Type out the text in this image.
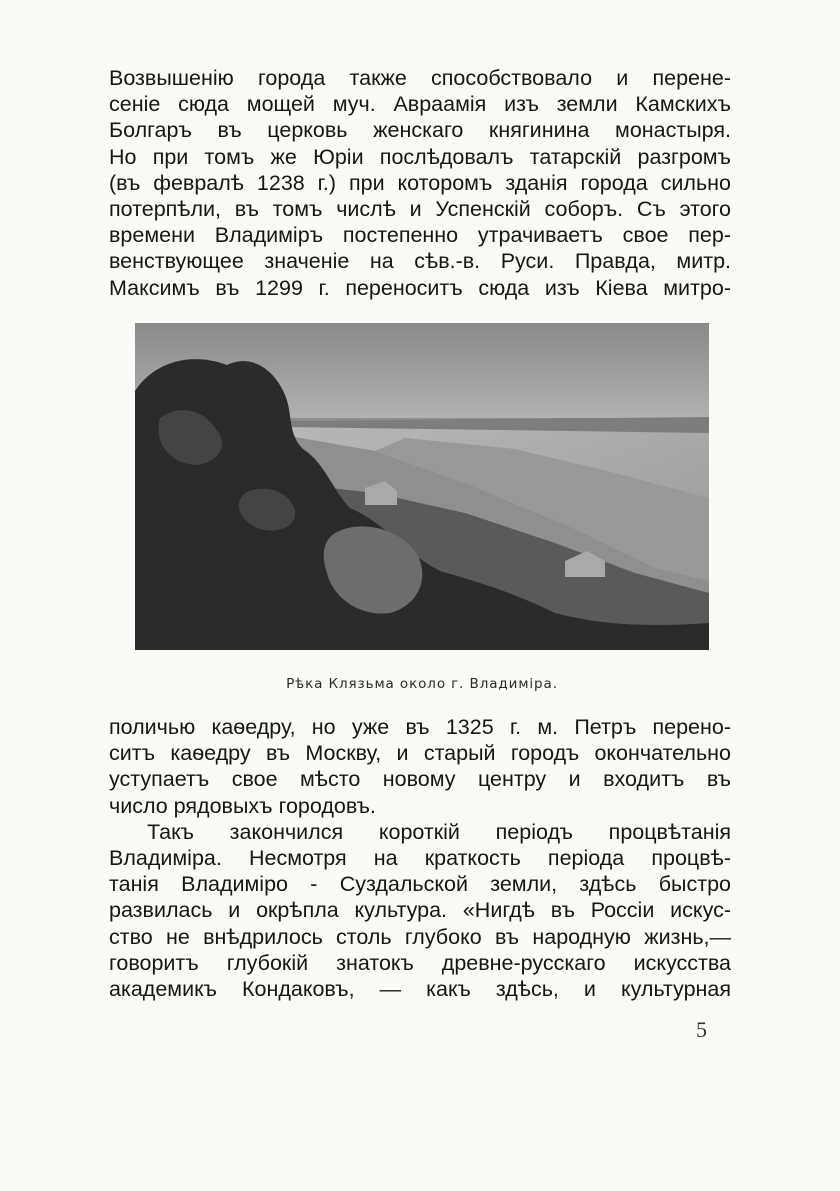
Возвышенію города также способствовало и перене-
сеніе сюда мощей муч. Авраамія изъ земли Камскихъ
Болгаръ въ церковь женскаго княгинина монастыря.
Но при томъ же Юріи послѣдовалъ татарскій разгромъ
(въ февралѣ 1238 г.) при которомъ зданія города сильно
потерпѣли, въ томъ числѣ и Успенскій соборъ. Съ этого
времени Владиміръ постепенно утрачиваетъ свое пер-
венствующее значеніе на сѣв.-в. Руси. Правда, митр.
Максимъ въ 1299 г. переноситъ сюда изъ Кіева митро-
Рѣка Клязьма около г. Владиміра.
поличью каѳедру, но уже въ 1325 г. м. Петръ перено-
ситъ каѳедру въ Москву, и старый городъ окончательно
уступаетъ свое мѣсто новому центру и входитъ въ
число рядовыхъ городовъ.
Такъ закончился короткій періодъ процвѣтанія
Владиміра. Несмотря на краткость періода процвѣ-
танія Владиміро - Суздальской земли, здѣсь быстро
развилась и окрѣпла культура. «Нигдѣ въ Россіи искус-
ство не внѣдрилось столь глубоко въ народную жизнь,—
говоритъ глубокій знатокъ древне-русскаго искусства
академикъ Кондаковъ, — какъ здѣсь, и культурная
5
